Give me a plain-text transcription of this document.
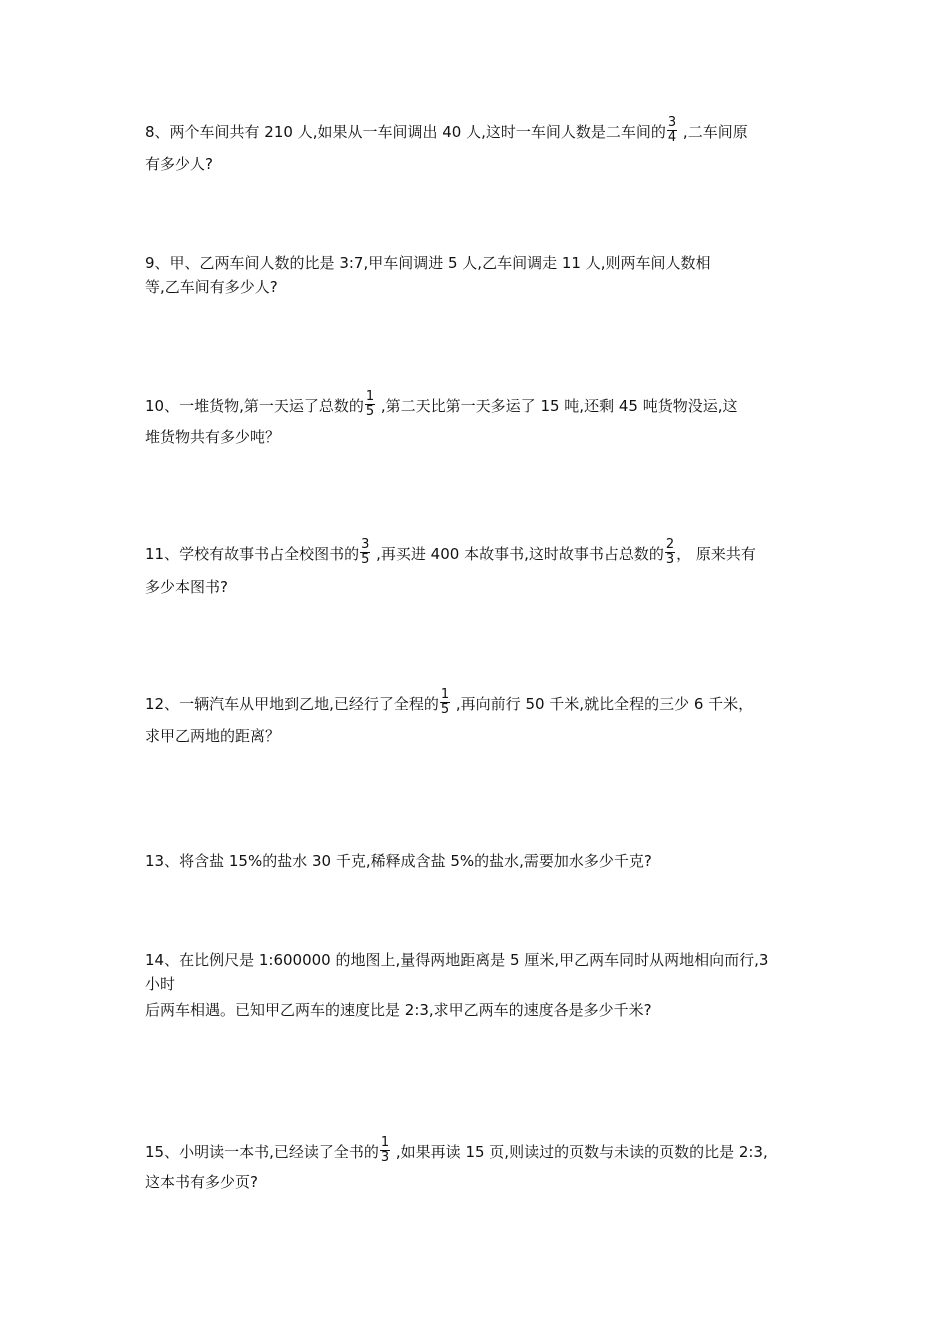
8、两个车间共有 210 人,如果从一车间调出 40 人,这时一车间人数是二车间的 $\frac{3}{4}$ ,二车间原
有多少人?
9、甲、乙两车间人数的比是 3:7,甲车间调进 5 人,乙车间调走 11 人,则两车间人数相
等,乙车间有多少人?
10、一堆货物,第一天运了总数的 $\frac{1}{5}$ ,第二天比第一天多运了 15 吨,还剩 45 吨货物没运,这
堆货物共有多少吨？
11、学校有故事书占全校图书的 $\frac{3}{5}$ ,再买进 400 本故事书,这时故事书占总数的 $\frac{2}{3}$ ， 原来共有
多少本图书?
12、一辆汽车从甲地到乙地,已经行了全程的 $\frac{1}{5}$ ,再向前行 50 千米,就比全程的三少 6 千米，
求甲乙两地的距离？
13、将含盐 15%的盐水 30 千克,稀释成含盐 5%的盐水,需要加水多少千克?
14、在比例尺是 1:600000 的地图上,量得两地距离是 5 厘米,甲乙两车同时从两地相向而行,3
小时
后两车相遇。已知甲乙两车的速度比是 2:3,求甲乙两车的速度各是多少千米?
15、小明读一本书,已经读了全书的 $\frac{1}{3}$ ,如果再读 15 页,则读过的页数与未读的页数的比是 2:3,
这本书有多少页?
